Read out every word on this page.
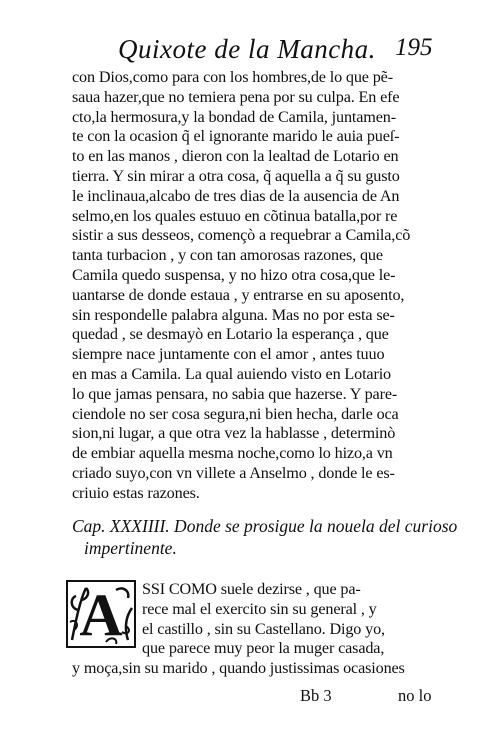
Quixote de la Mancha. 195
con Dios,como para con los hombres,de lo que pẽ-
saua hazer,que no temiera pena por su culpa. En efe
cto,la hermosura,y la bondad de Camila, juntamen-
te con la ocasion q̃ el ignorante marido le auia pueſ-
to en las manos , dieron con la lealtad de Lotario en
tierra. Y sin mirar a otra cosa, q̃ aquella a q̃ su gusto
le inclinaua,alcabo de tres dias de la ausencia de An
selmo,en los quales estuuo en cõtinua batalla,por re
sistir a sus desseos, començò a requebrar a Camila,cõ
tanta turbacion , y con tan amorosas razones, que
Camila quedo suspensa, y no hizo otra cosa,que le-
uantarse de donde estaua , y entrarse en su aposento,
sin respondelle palabra alguna. Mas no por esta se-
quedad , se desmayò en Lotario la esperança , que
siempre nace juntamente con el amor , antes tuuo
en mas a Camila. La qual auiendo visto en Lotario
lo que jamas pensara, no sabia que hazerse. Y pare-
ciendole no ser cosa segura,ni bien hecha, darle oca
sion,ni lugar, a que otra vez la hablasse , determinò
de embiar aquella mesma noche,como lo hizo,a vn
criado suyo,con vn villete a Anselmo , donde le es-
criuio estas razones.
Cap. XXXIIII. Donde se prosigue la nouela del curioso
impertinente.
A	SSI COMO suele dezirse , que pa-
rece mal el exercito sin su general , y
el castillo , sin su Castellano. Digo yo,
que parece muy peor la muger casada,
y moça,sin su marido , quando justissimas ocasiones
Bb 3	no lo
